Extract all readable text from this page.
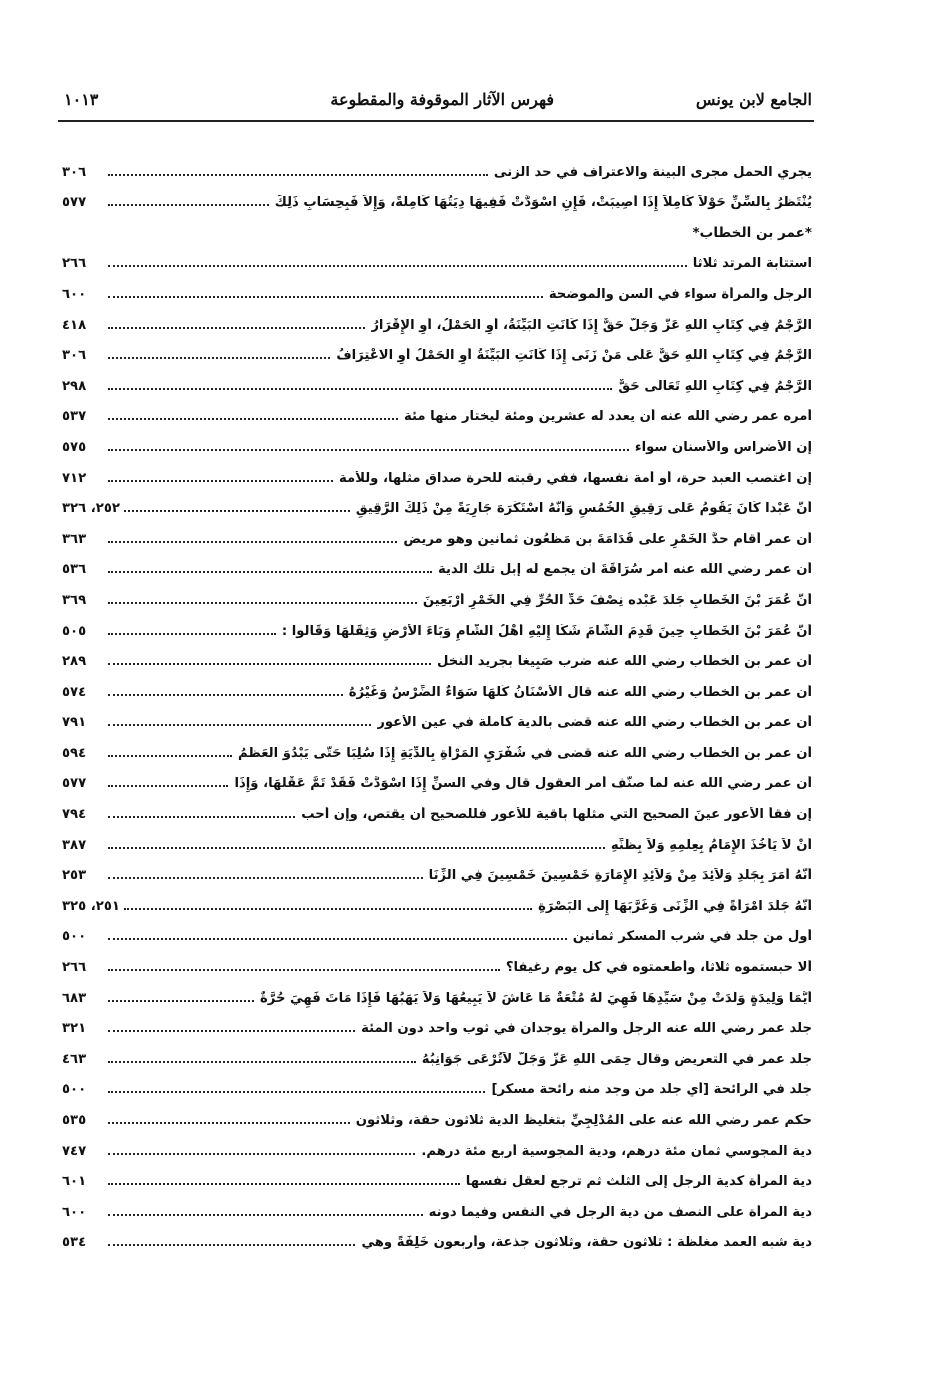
الجامع لابن يونس
فهرس الآثار الموقوفة والمقطوعة
١٠١٣
يجري الحمل مجرى البينة والاعتراف في حد الزنى
٣٠٦
يُنْتَظَرُ بِالسِّنِّ حَوْلاً كَامِلاً إِذَا أُصِيبَتْ، فَإِنِ اسْوَدَّتْ فَفِيهَا دِيَتُهَا كَامِلَةً، وَإِلاَّ فَبِحِسَابِ ذَلِكَ
٥٧٧
*عمر بن الخطاب*
استتابة المرتد ثلاثاً
٢٦٦
الرجل والمرأة سواء في السن والموضحة
٦٠٠
الرَّجْمُ فِي كِتَابِ اللهِ عَزَّ وَجَلَّ حَقٌّ إِذَا كَانَتِ الْبَيِّنَةُ، أَوِ الْحَمْلُ، أَوِ الإِقْرَارُ
٤١٨
الرَّجْمُ فِي كِتَابِ اللهِ حَقٌّ عَلَى مَنْ زَنَى إِذَا كَانَتِ الْبَيِّنَةُ أَوِ الْحَمْلُ أَوِ الاعْتِرَافُ
٣٠٦
الرَّجْمُ فِي كِتَابِ اللهِ تَعَالَى حَقٌّ
٢٩٨
أمره عمر رضي الله عنه أن يعدد له عشرين ومئة ليختار منها مئة
٥٣٧
إن الأضراس والأسنان سواء
٥٧٥
إن اغتصب العبد حرة، أو أمة نفسها، ففي رقبته للحرة صداق مثلها، وللأمة
٧١٢
أَنَّ عَبْداً كَانَ يَقُومُ عَلَى رَقِيقِ الْخُمُسِ وَأَنَّهُ اسْتَكْرَهَ جَارِيَةً مِنْ ذَلِكَ الرَّقِيقِ
٢٥٢، ٣٢٦
أن عمر أقام حدَّ الْخَمْرِ على قُدَامَةَ بن مَظْعُون ثمانين وهو مريض
٣٦٣
أن عمر رضي الله عنه أمر سُرَاقَةَ أن يجمع له إبل تلك الدية
٥٣٦
أَنَّ عُمَرَ بْنَ الْخَطَّابِ جَلَدَ عَبْده نِصْفَ حَدِّ الْحُرِّ فِي الْخَمْرِ أَرْبَعِينَ
٣٦٩
أَنَّ عُمَرَ بْنَ الْخَطَّابِ حِينَ قَدِمَ الشَّامَ شَكَا إِلَيْهِ أَهْلُ الشَّامِ وَبَاءَ الأَرْضِ وَثِقَلَهَا وَقَالُوا :
٥٠٥
أن عمر بن الخطاب رضي الله عنه ضرب صَبِيغاً بجريد النخل
٢٨٩
أن عمر بن الخطاب رضي الله عنه قال الأَسْنَانُ كُلُّهَا سَوَاءٌ الضِّرْسُ وَغَيْرُهُ
٥٧٤
أن عمر بن الخطاب رضي الله عنه قضى بالدية كاملة في عين الأعور
٧٩١
أن عمر بن الخطاب رضي الله عنه قضى في شُفْرَيِ الْمَرْأَةِ بِالدِّيَةِ إِذَا سُلِبَا حَتَّى يَبْدُوَ الْعَظْمُ
٥٩٤
أن عمر رضي الله عنه لما صنَّف أمر العقول قال وفي السنِّ إِذَا اسْوَدَّتْ فَقَدْ تَمَّ عَقْلُهَا، وَإِذَا
٥٧٧
إن فقأ الأعور عينَ الصحيح التي مثلها باقية للأعور فللصحيح أن يقتص، وإن أحب
٧٩٤
أَنْ لاَ يَأْخُذَ الإِمَامُ بِعِلْمِهِ وَلاَ بِظَنِّهِ
٣٨٧
أَنَّهُ أَمَرَ بِجَلْدِ وَلاَئِدَ مِنْ وَلاَئِدِ الإِمَارَةِ خَمْسِينَ خَمْسِينَ فِي الزِّنَا
٢٥٣
أَنَّهُ جَلَدَ امْرَأَةً فِي الزِّنَى وَغَرَّبَهَا إِلَى الْبَصْرَةِ
٢٥١، ٣٢٥
أول من جلد في شرب المسكر ثمانين
٥٠٠
ألا حبستموه ثلاثاً، وأطعمتوه في كل يوم رغيفاً؟
٢٦٦
أَيُّمَا وَلِيدَةٍ وَلَدَتْ مِنْ سَيِّدِهَا فَهِيَ لَهُ مُتْعَةٌ مَا عَاشَ لاَ يَبِيعُهَا وَلاَ يَهَبُهَا فَإِذَا مَاتَ فَهِيَ حُرَّةٌ
٦٨٣
جلد عمر رضي الله عنه الرجل والمرأة يوجدان في ثوب واحد دون المئة
٣٢١
جلد عمر في التعريض وقال حِمَى اللهِ عَزَّ وَجَلَّ لاَتُرْعَى جَوَانِبُهُ
٤٦٣
جلد في الرائحة [أي جلد من وجد منه رائحة مسكر]
٥٠٠
حكم عمر رضي الله عنه على الْمُدْلِجِيِّ بتغليظ الدية ثلاثون حقة، وثلاثون
٥٣٥
دية المجوسي ثمان مئة درهم، ودية المجوسية أربع مئة درهم.
٧٤٧
دية المرأة كدية الرجل إلى الثلث ثم ترجع لعقل نفسها
٦٠١
دية المرأة على النصف من دية الرجل في النفس وفيما دونه
٦٠٠
دية شبه العمد مغلظة : ثلاثون حقة، وثلاثون جذعة، وأربعون خَلِفَةً وهي
٥٣٤
